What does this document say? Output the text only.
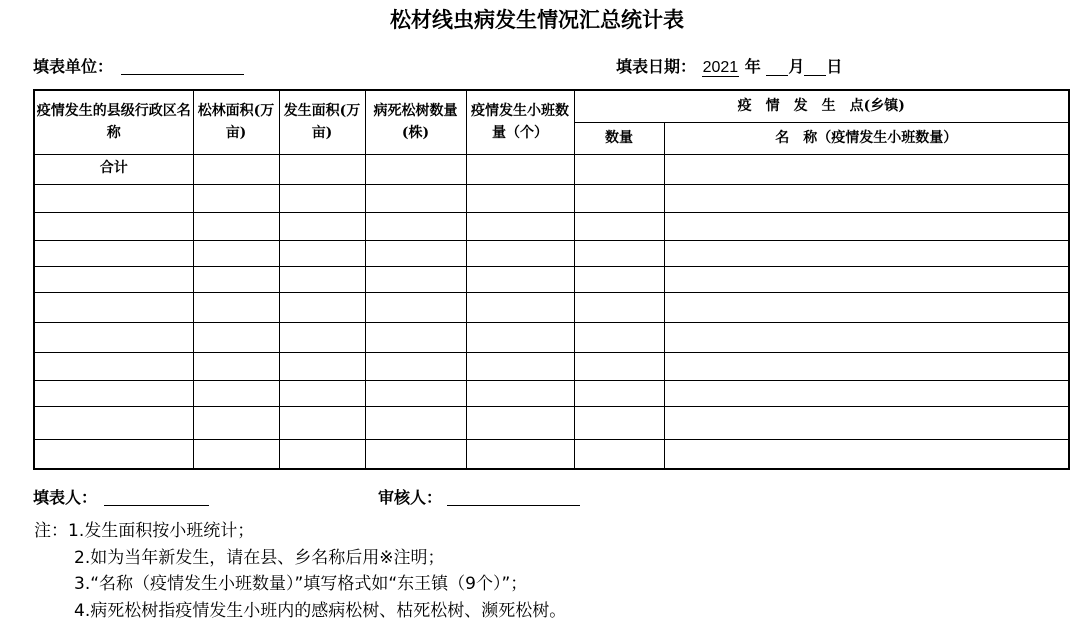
松材线虫病发生情况汇总统计表
填表单位：	填表日期： 2021 年 月 日
疫情发生的县级行政区名称	松林面积(万亩)	发生面积(万亩)	病死松树数量(株)	疫情发生小班数量（个）	疫　情　发　生　点(乡镇)	
					数量	名　称（疫情发生小班数量）
合计						

填表人：	审核人：
注：1.发生面积按小班统计；
2.如为当年新发生，请在县、乡名称后用※注明；
3.“名称（疫情发生小班数量）”填写格式如“东王镇（9个）”；
4.病死松树指疫情发生小班内的感病松树、枯死松树、濒死松树。
